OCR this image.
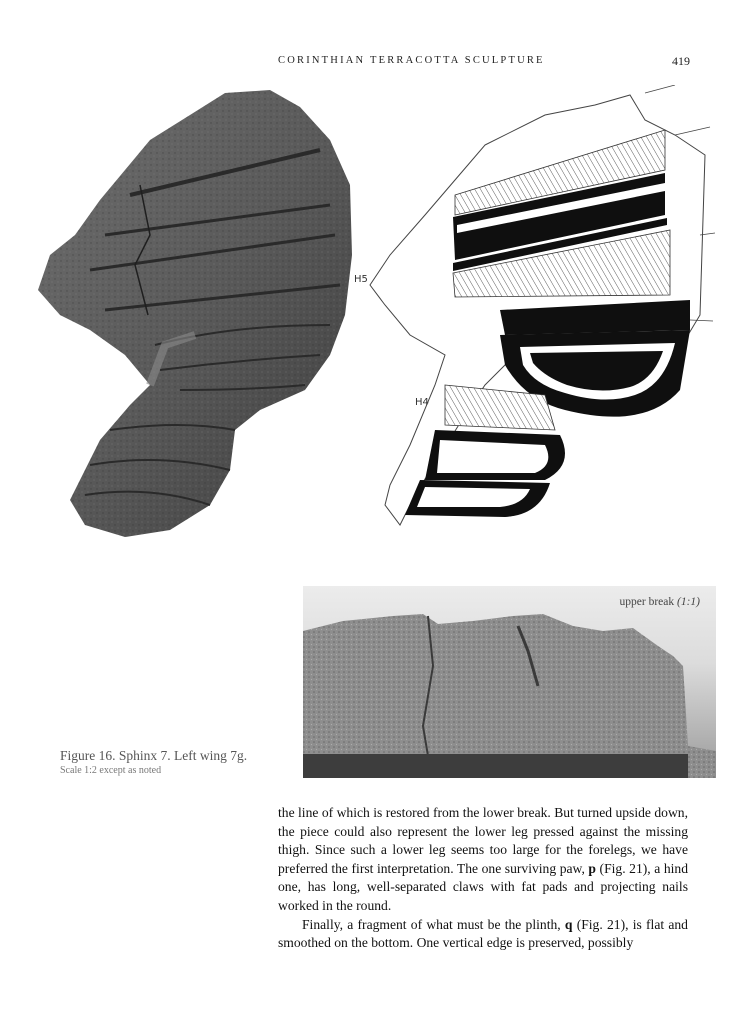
CORINTHIAN TERRACOTTA SCULPTURE	419
H5
H4
upper break (1:1)
Figure 16. Sphinx 7. Left wing 7g.
Scale 1:2 except as noted

the line of which is restored from the lower break. But turned upside down, the piece could also represent the lower leg pressed against the missing thigh. Since such a lower leg seems too large for the forelegs, we have preferred the first interpretation. The one surviving paw, p (Fig. 21), a hind one, has long, well-separated claws with fat pads and projecting nails worked in the round.

Finally, a fragment of what must be the plinth, q (Fig. 21), is flat and smoothed on the bottom. One vertical edge is preserved, possibly
